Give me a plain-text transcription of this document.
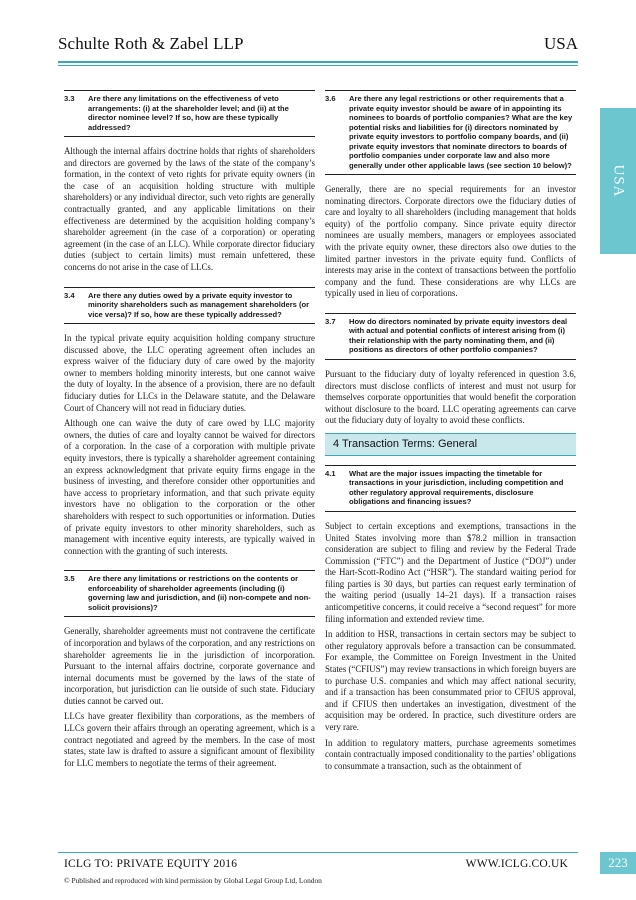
Schulte Roth & Zabel LLP	USA
USA
3.3 Are there any limitations on the effectiveness of veto arrangements: (i) at the shareholder level; and (ii) at the director nominee level? If so, how are these typically addressed?

Although the internal affairs doctrine holds that rights of shareholders and directors are governed by the laws of the state of the company’s formation, in the context of veto rights for private equity owners (in the case of an acquisition holding structure with multiple shareholders) or any individual director, such veto rights are generally contractually granted, and any applicable limitations on their effectiveness are determined by the acquisition holding company’s shareholder agreement (in the case of a corporation) or operating agreement (in the case of an LLC). While corporate director fiduciary duties (subject to certain limits) must remain unfettered, these concerns do not arise in the case of LLCs.

3.4 Are there any duties owed by a private equity investor to minority shareholders such as management shareholders (or vice versa)? If so, how are these typically addressed?

In the typical private equity acquisition holding company structure discussed above, the LLC operating agreement often includes an express waiver of the fiduciary duty of care owed by the majority owner to members holding minority interests, but one cannot waive the duty of loyalty. In the absence of a provision, there are no default fiduciary duties for LLCs in the Delaware statute, and the Delaware Court of Chancery will not read in fiduciary duties.

Although one can waive the duty of care owed by LLC majority owners, the duties of care and loyalty cannot be waived for directors of a corporation. In the case of a corporation with multiple private equity investors, there is typically a shareholder agreement containing an express acknowledgment that private equity firms engage in the business of investing, and therefore consider other opportunities and have access to proprietary information, and that such private equity investors have no obligation to the corporation or the other shareholders with respect to such opportunities or information. Duties of private equity investors to other minority shareholders, such as management with incentive equity interests, are typically waived in connection with the granting of such interests.

3.5 Are there any limitations or restrictions on the contents or enforceability of shareholder agreements (including (i) governing law and jurisdiction, and (ii) non-compete and non-solicit provisions)?

Generally, shareholder agreements must not contravene the certificate of incorporation and bylaws of the corporation, and any restrictions on shareholder agreements lie in the jurisdiction of incorporation. Pursuant to the internal affairs doctrine, corporate governance and internal documents must be governed by the laws of the state of incorporation, but jurisdiction can lie outside of such state. Fiduciary duties cannot be carved out.

LLCs have greater flexibility than corporations, as the members of LLCs govern their affairs through an operating agreement, which is a contract negotiated and agreed by the members. In the case of most states, state law is drafted to assure a significant amount of flexibility for LLC members to negotiate the terms of their agreement.

3.6 Are there any legal restrictions or other requirements that a private equity investor should be aware of in appointing its nominees to boards of portfolio companies? What are the key potential risks and liabilities for (i) directors nominated by private equity investors to portfolio company boards, and (ii) private equity investors that nominate directors to boards of portfolio companies under corporate law and also more generally under other applicable laws (see section 10 below)?

Generally, there are no special requirements for an investor nominating directors. Corporate directors owe the fiduciary duties of care and loyalty to all shareholders (including management that holds equity) of the portfolio company. Since private equity director nominees are usually members, managers or employees associated with the private equity owner, these directors also owe duties to the limited partner investors in the private equity fund. Conflicts of interests may arise in the context of transactions between the portfolio company and the fund. These considerations are why LLCs are typically used in lieu of corporations.

3.7 How do directors nominated by private equity investors deal with actual and potential conflicts of interest arising from (i) their relationship with the party nominating them, and (ii) positions as directors of other portfolio companies?

Pursuant to the fiduciary duty of loyalty referenced in question 3.6, directors must disclose conflicts of interest and must not usurp for themselves corporate opportunities that would benefit the corporation without disclosure to the board. LLC operating agreements can carve out the fiduciary duty of loyalty to avoid these conflicts.

4 Transaction Terms: General
4.1 What are the major issues impacting the timetable for transactions in your jurisdiction, including competition and other regulatory approval requirements, disclosure obligations and financing issues?

Subject to certain exceptions and exemptions, transactions in the United States involving more than $78.2 million in transaction consideration are subject to filing and review by the Federal Trade Commission (“FTC”) and the Department of Justice (“DOJ”) under the Hart-Scott-Rodino Act (“HSR”). The standard waiting period for filing parties is 30 days, but parties can request early termination of the waiting period (usually 14–21 days). If a transaction raises anticompetitive concerns, it could receive a “second request” for more filing information and extended review time.

In addition to HSR, transactions in certain sectors may be subject to other regulatory approvals before a transaction can be consummated. For example, the Committee on Foreign Investment in the United States (“CFIUS”) may review transactions in which foreign buyers are to purchase U.S. companies and which may affect national security, and if a transaction has been consummated prior to CFIUS approval, and if CFIUS then undertakes an investigation, divestment of the acquisition may be ordered. In practice, such divestiture orders are very rare.

In addition to regulatory matters, purchase agreements sometimes contain contractually imposed conditionality to the parties’ obligations to consummate a transaction, such as the obtainment of

ICLG TO: PRIVATE EQUITY 2016	WWW.ICLG.CO.UK
© Published and reproduced with kind permission by Global Legal Group Ltd, London
223
